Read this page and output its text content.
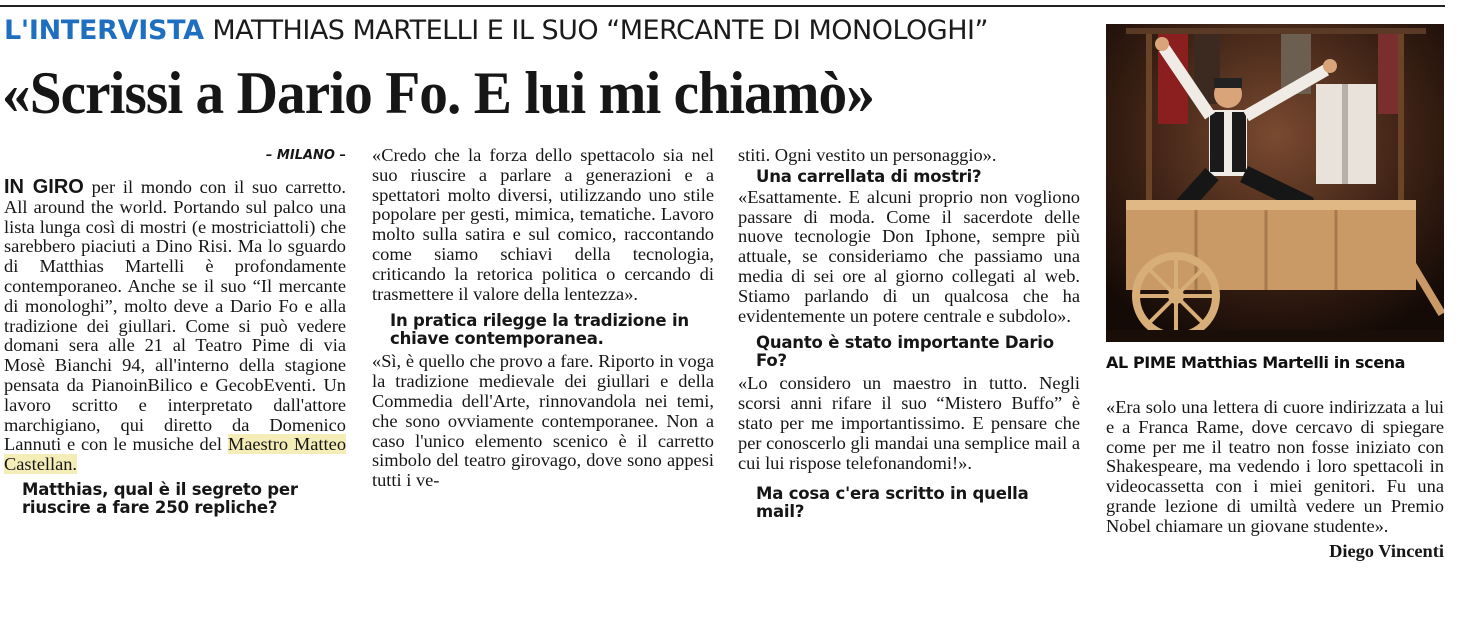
L'INTERVISTA MATTHIAS MARTELLI E IL SUO “MERCANTE DI MONOLOGHI”
«Scrissi a Dario Fo. E lui mi chiamò»

– MILANO –

IN GIRO per il mondo con il suo carretto. All around the world. Portando sul palco una lista lunga così di mostri (e mostriciattoli) che sarebbero piaciuti a Dino Risi. Ma lo sguardo di Matthias Martelli è profondamente contemporaneo. Anche se il suo “Il mercante di monologhi”, molto deve a Dario Fo e alla tradizione dei giullari. Come si può vedere domani sera alle 21 al Teatro Pime di via Mosè Bianchi 94, all'interno della stagione pensata da PianoinBilico e GecobEventi. Un lavoro scritto e interpretato dall'attore marchigiano, qui diretto da Domenico Lannuti e con le musiche del Maestro Matteo Castellan.

Matthias, qual è il segreto per riuscire a fare 250 repliche?

«Credo che la forza dello spettacolo sia nel suo riuscire a parlare a generazioni e a spettatori molto diversi, utilizzando uno stile popolare per gesti, mimica, tematiche. Lavoro molto sulla satira e sul comico, raccontando come siamo schiavi della tecnologia, criticando la retorica politica o cercando di trasmettere il valore della lentezza».

In pratica rilegge la tradizione in chiave contemporanea.

«Sì, è quello che provo a fare. Riporto in voga la tradizione medievale dei giullari e della Commedia dell'Arte, rinnovandola nei temi, che sono ovviamente contemporanee. Non a caso l'unico elemento scenico è il carretto simbolo del teatro girovago, dove sono appesi tutti i ve-

stiti. Ogni vestito un personaggio».

Una carrellata di mostri?

«Esattamente. E alcuni proprio non vogliono passare di moda. Come il sacerdote delle nuove tecnologie Don Iphone, sempre più attuale, se consideriamo che passiamo una media di sei ore al giorno collegati al web. Stiamo parlando di un qualcosa che ha evidentemente un potere centrale e subdolo».

Quanto è stato importante Dario Fo?

«Lo considero un maestro in tutto. Negli scorsi anni rifare il suo “Mistero Buffo” è stato per me importantissimo. E pensare che per conoscerlo gli mandai una semplice mail a cui lui rispose telefonandomi!».

Ma cosa c'era scritto in quella mail?

AL PIME Matthias Martelli in scena

«Era solo una lettera di cuore indirizzata a lui e a Franca Rame, dove cercavo di spiegare come per me il teatro non fosse iniziato con Shakespeare, ma vedendo i loro spettacoli in videocassetta con i miei genitori. Fu una grande lezione di umiltà vedere un Premio Nobel chiamare un giovane studente».

Diego Vincenti
